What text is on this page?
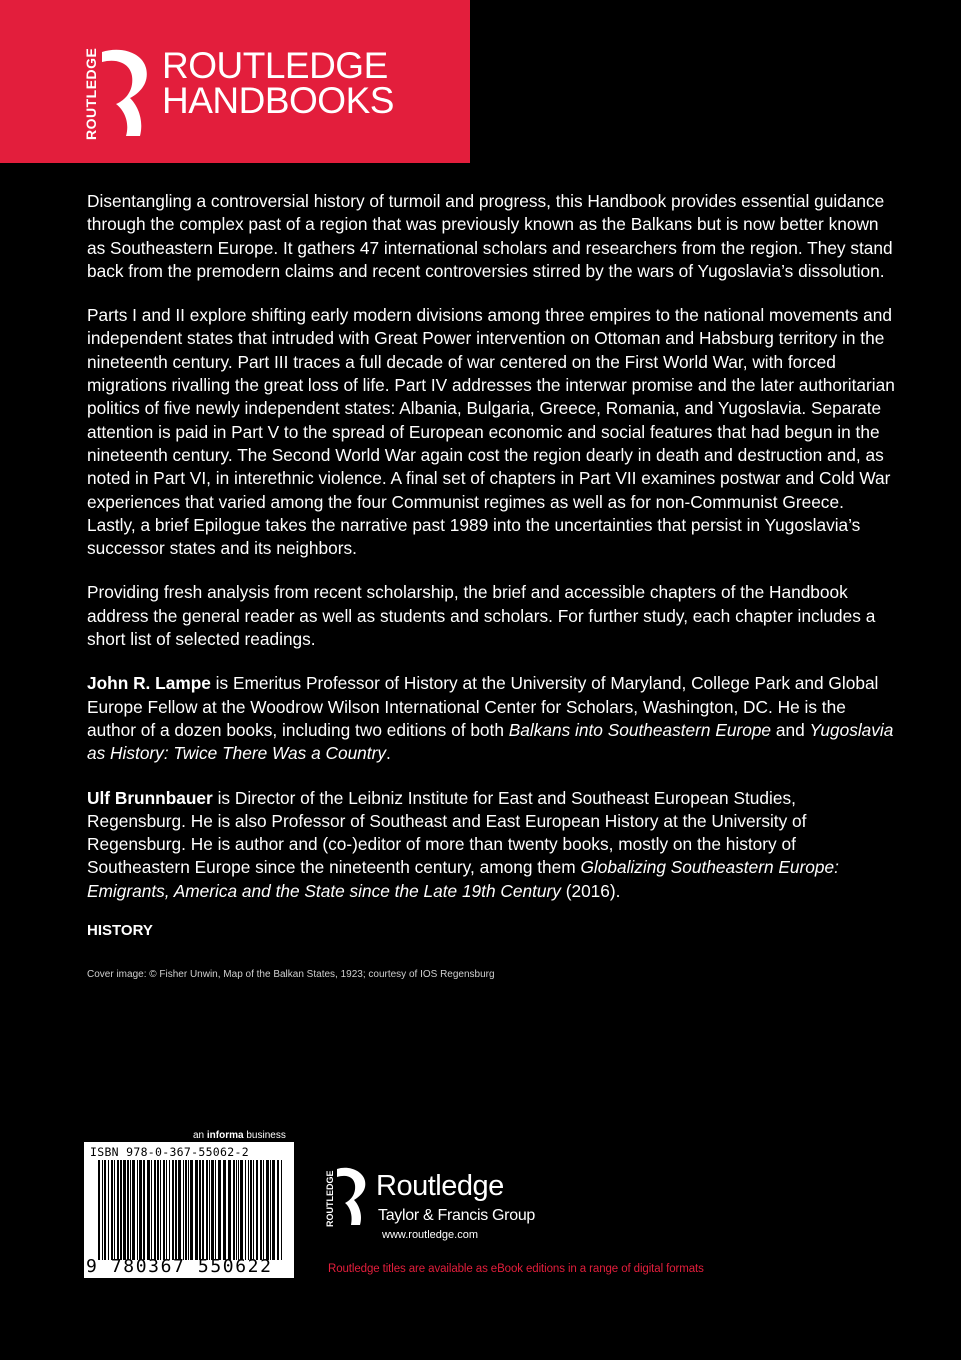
ROUTLEDGE ROUTLEDGE
HANDBOOKS

Disentangling a controversial history of turmoil and progress, this Handbook provides essential guidance through the complex past of a region that was previously known as the Balkans but is now better known as Southeastern Europe. It gathers 47 international scholars and researchers from the region. They stand back from the premodern claims and recent controversies stirred by the wars of Yugoslavia’s dissolution.

Parts I and II explore shifting early modern divisions among three empires to the national movements and independent states that intruded with Great Power intervention on Ottoman and Habsburg territory in the nineteenth century. Part III traces a full decade of war centered on the First World War, with forced migrations rivalling the great loss of life. Part IV addresses the interwar promise and the later authoritarian politics of five newly independent states: Albania, Bulgaria, Greece, Romania, and Yugoslavia. Separate attention is paid in Part V to the spread of European economic and social features that had begun in the nineteenth century. The Second World War again cost the region dearly in death and destruction and, as noted in Part VI, in interethnic violence. A final set of chapters in Part VII examines postwar and Cold War experiences that varied among the four Communist regimes as well as for non-Communist Greece. Lastly, a brief Epilogue takes the narrative past 1989 into the uncertainties that persist in Yugoslavia’s successor states and its neighbors.

Providing fresh analysis from recent scholarship, the brief and accessible chapters of the Handbook address the general reader as well as students and scholars. For further study, each chapter includes a short list of selected readings.

John R. Lampe is Emeritus Professor of History at the University of Maryland, College Park and Global Europe Fellow at the Woodrow Wilson International Center for Scholars, Washington, DC. He is the author of a dozen books, including two editions of both Balkans into Southeastern Europe and Yugoslavia as History: Twice There Was a Country.

Ulf Brunnbauer is Director of the Leibniz Institute for East and Southeast European Studies, Regensburg. He is also Professor of Southeast and East European History at the University of Regensburg. He is author and (co-)editor of more than twenty books, mostly on the history of Southeastern Europe since the nineteenth century, among them Globalizing Southeastern Europe: Emigrants, America and the State since the Late 19th Century (2016).

HISTORY
Cover image: © Fisher Unwin, Map of the Balkan States, 1923; courtesy of IOS Regensburg
an informa business
ISBN 978-0-367-55062-2
9 780367 550622
ROUTLEDGE Routledge
Taylor & Francis Group
www.routledge.com
Routledge titles are available as eBook editions in a range of digital formats
